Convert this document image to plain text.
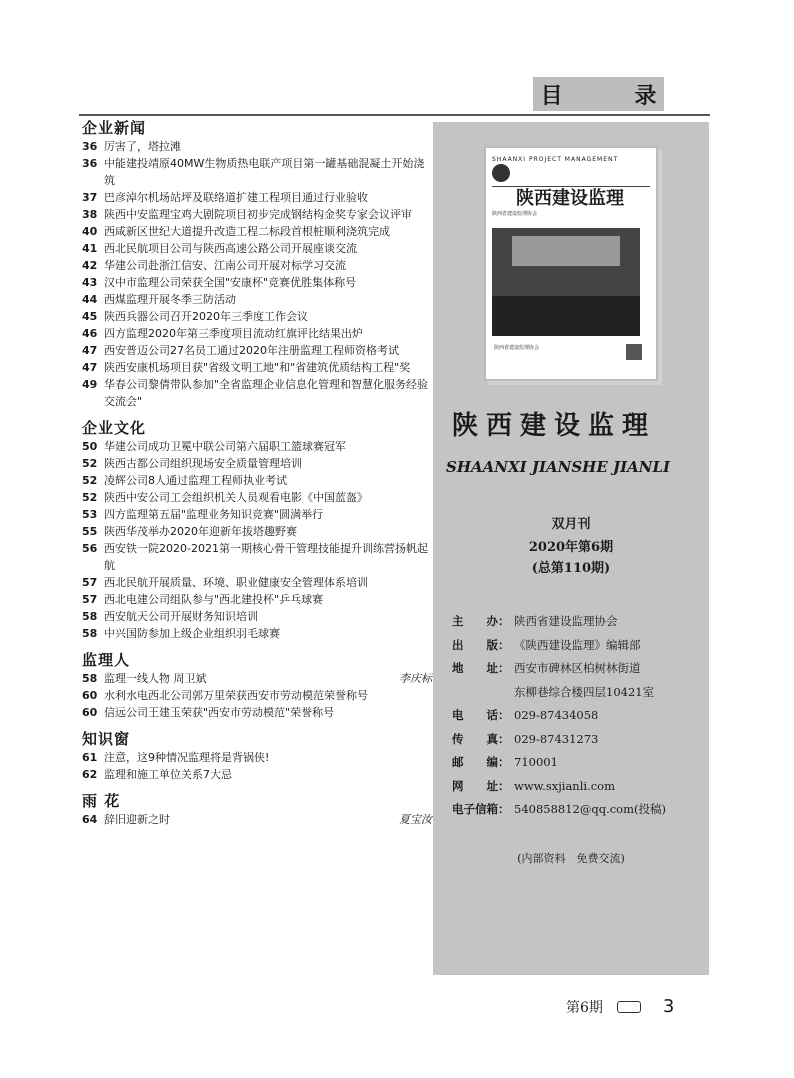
目 录
企业新闻
36 厉害了，塔拉滩
36 中能建投靖原40MW生物质热电联产项目第一罐基础混凝土开始浇筑
37 巴彦淖尔机场站坪及联络道扩建工程项目通过行业验收
38 陕西中安监理宝鸡大剧院项目初步完成钢结构金奖专家会议评审
40 西咸新区世纪大道提升改造工程二标段首根桩顺利浇筑完成
41 西北民航项目公司与陕西高速公路公司开展座谈交流
42 华建公司赴浙江信安、江南公司开展对标学习交流
43 汉中市监理公司荣获全国"安康杯"竞赛优胜集体称号
44 西煤监理开展冬季三防活动
45 陕西兵器公司召开2020年三季度工作会议
46 四方监理2020年第三季度项目流动红旗评比结果出炉
47 西安普迈公司27名员工通过2020年注册监理工程师资格考试
47 陕西安康机场项目获"省级文明工地"和"省建筑优质结构工程"奖
49 华春公司黎倩带队参加"全省监理企业信息化管理和智慧化服务经验交流会"
企业文化
50 华建公司成功卫冕中联公司第六届职工篮球赛冠军
52 陕西古都公司组织现场安全质量管理培训
52 凌辉公司8人通过监理工程师执业考试
52 陕西中安公司工会组织机关人员观看电影《中国蓝盔》
53 四方监理第五届"监理业务知识竞赛"圆满举行
55 陕西华茂举办2020年迎新年拔塔趣野赛
56 西安铁一院2020-2021第一期核心骨干管理技能提升训练营扬帆起航
57 西北民航开展质量、环境、职业健康安全管理体系培训
57 西北电建公司组队参与"西北建投杯"乒乓球赛
58 西安航天公司开展财务知识培训
58 中兴国防参加上级企业组织羽毛球赛
监理人
58 监理一线人物 周卫斌	李庆标
60 水利水电西北公司郭万里荣获西安市劳动模范荣誉称号
60 信远公司王建玉荣获"西安市劳动模范"荣誉称号
知识窗
61 注意，这9种情况监理将是背锅侠!
62 监理和施工单位关系7大忌
雨 花
64 辞旧迎新之时	夏宝汝
SHAANXI PROJECT MANAGEMENT
陕西建设监理
陕西省建设监理协会
陕西省建设监理协会
陕西建设监理
SHAANXI JIANSHE JIANLI
双月刊
2020年第6期
(总第110期)
主　　办： 陕西省建设监理协会
出　　版： 《陕西建设监理》编辑部
地　　址： 西安市碑林区柏树林街道
东柳巷综合楼四层10421室
电　　话： 029-87434058
传　　真： 029-87431273
邮　　编： 710001
网　　址： www.sxjianli.com
电子信箱： 540858812@qq.com(投稿)
(内部资料　免费交流)
第6期	3
